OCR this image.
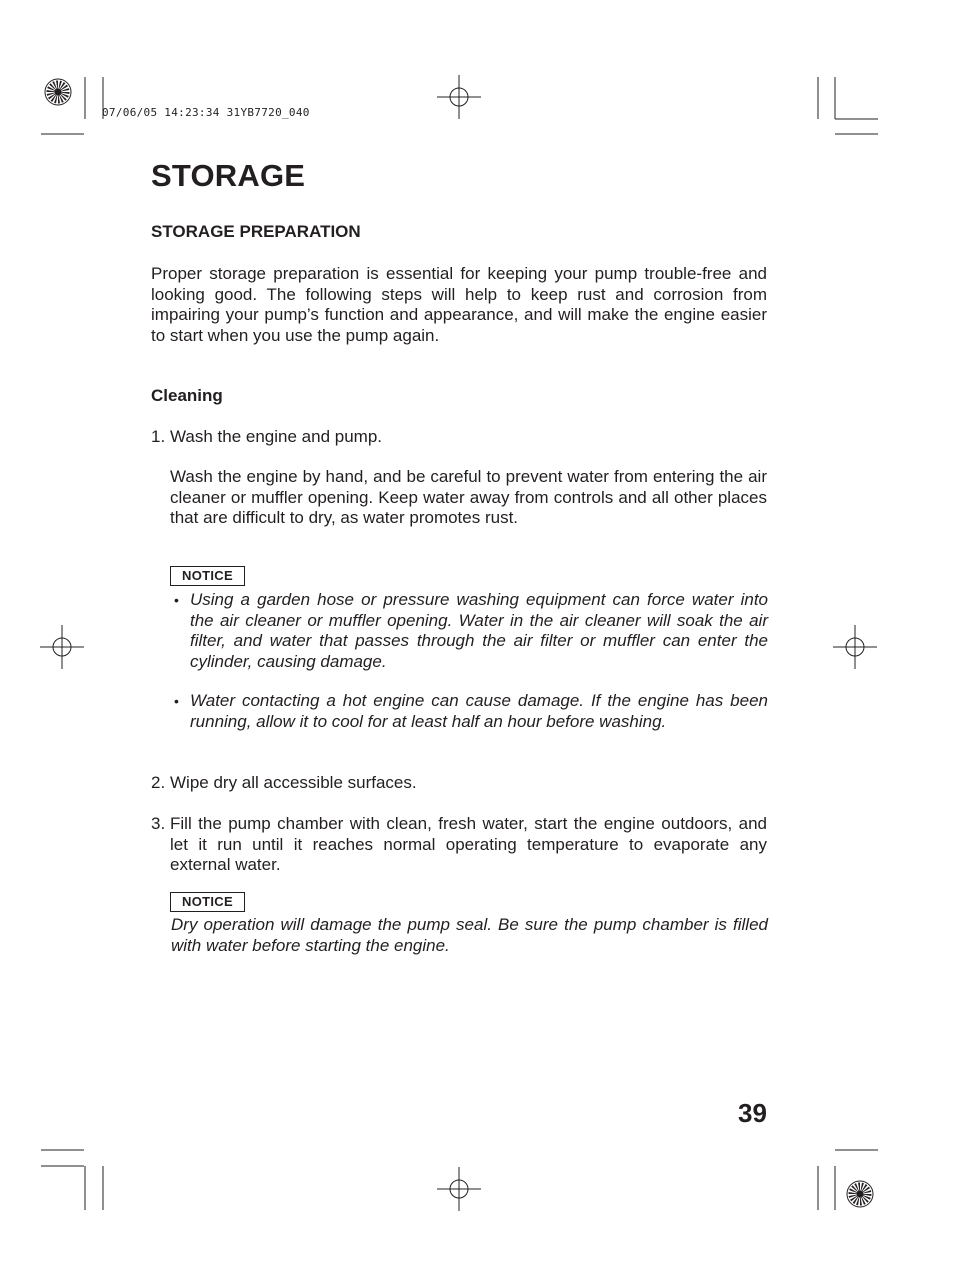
07/06/05 14:23:34 31YB7720_040
STORAGE
STORAGE PREPARATION

Proper storage preparation is essential for keeping your pump trouble-free and looking good. The following steps will help to keep rust and corrosion from impairing your pump’s function and appearance, and will make the engine easier to start when you use the pump again.

Cleaning
1. Wash the engine and pump.

Wash the engine by hand, and be careful to prevent water from entering the air cleaner or muffler opening. Keep water away from controls and all other places that are difficult to dry, as water promotes rust.

NOTICE
• Using a garden hose or pressure washing equipment can force water into the air cleaner or muffler opening. Water in the air cleaner will soak the air filter, and water that passes through the air filter or muffler can enter the cylinder, causing damage.

• Water contacting a hot engine can cause damage. If the engine has been running, allow it to cool for at least half an hour before washing.

2. Wipe dry all accessible surfaces.

3. Fill the pump chamber with clean, fresh water, start the engine outdoors, and let it run until it reaches normal operating temperature to evaporate any external water.

NOTICE

Dry operation will damage the pump seal. Be sure the pump chamber is filled with water before starting the engine.

39
